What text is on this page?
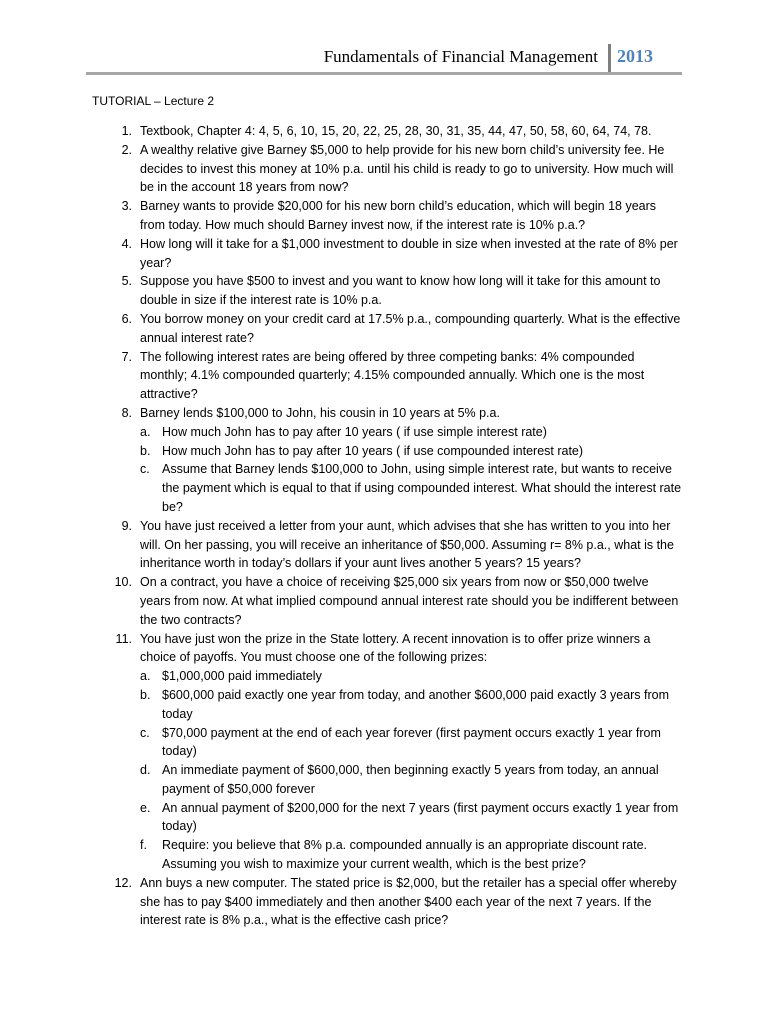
Fundamentals of Financial Management 2013
TUTORIAL – Lecture 2
1. Textbook, Chapter 4: 4, 5, 6, 10, 15, 20, 22, 25, 28, 30, 31, 35, 44, 47, 50, 58, 60, 64, 74, 78.
2. A wealthy relative give Barney $5,000 to help provide for his new born child’s university fee. He decides to invest this money at 10% p.a. until his child is ready to go to university. How much will be in the account 18 years from now?
3. Barney wants to provide $20,000 for his new born child’s education, which will begin 18 years from today. How much should Barney invest now, if the interest rate is 10% p.a.?
4. How long will it take for a $1,000 investment to double in size when invested at the rate of 8% per year?
5. Suppose you have $500 to invest and you want to know how long will it take for this amount to double in size if the interest rate is 10% p.a.
6. You borrow money on your credit card at 17.5% p.a., compounding quarterly. What is the effective annual interest rate?
7. The following interest rates are being offered by three competing banks: 4% compounded monthly; 4.1% compounded quarterly; 4.15% compounded annually. Which one is the most attractive?
8. Barney lends $100,000 to John, his cousin in 10 years at 5% p.a.
a. How much John has to pay after 10 years ( if use simple interest rate)
b. How much John has to pay after 10 years ( if use compounded interest rate)
c. Assume that Barney lends $100,000 to John, using simple interest rate, but wants to receive the payment which is equal to that if using compounded interest. What should the interest rate be?
9. You have just received a letter from your aunt, which advises that she has written to you into her will. On her passing, you will receive an inheritance of $50,000. Assuming r= 8% p.a., what is the inheritance worth in today’s dollars if your aunt lives another 5 years? 15 years?
10. On a contract, you have a choice of receiving $25,000 six years from now or $50,000 twelve years from now. At what implied compound annual interest rate should you be indifferent between the two contracts?
11. You have just won the prize in the State lottery. A recent innovation is to offer prize winners a choice of payoffs. You must choose one of the following prizes:
a. $1,000,000 paid immediately
b. $600,000 paid exactly one year from today, and another $600,000 paid exactly 3 years from today
c. $70,000 payment at the end of each year forever (first payment occurs exactly 1 year from today)
d. An immediate payment of $600,000, then beginning exactly 5 years from today, an annual payment of $50,000 forever
e. An annual payment of $200,000 for the next 7 years (first payment occurs exactly 1 year from today)
f. Require: you believe that 8% p.a. compounded annually is an appropriate discount rate. Assuming you wish to maximize your current wealth, which is the best prize?
12. Ann buys a new computer. The stated price is $2,000, but the retailer has a special offer whereby she has to pay $400 immediately and then another $400 each year of the next 7 years. If the interest rate is 8% p.a., what is the effective cash price?
